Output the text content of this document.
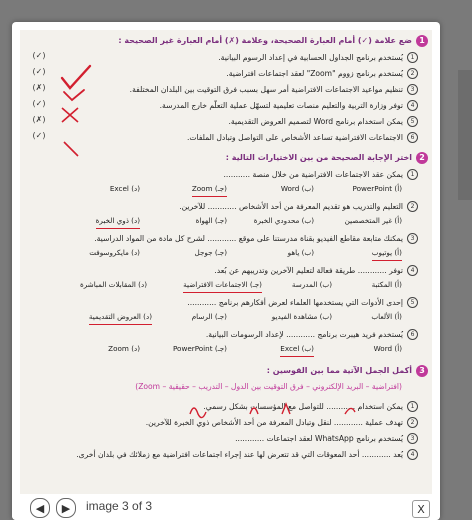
1
ضع علامة (✓) أمام العبارة الصحيحة، وعلامة (✗) أمام العبارة غير الصحيحة :
1
يُستخدم برنامج الجداول الحسابية في إعداد الرسوم البيانية.
(✓)
2
يُستخدم برنامج زووم "Zoom" لعقد اجتماعات افتراضية.
(✓)
3
تنظيم مواعيد الاجتماعات الافتراضية أمر سهل بسبب فرق التوقيت بين البلدان المختلفة.
(✗)
4
توفر وزارة التربية والتعليم منصات تعليمية لتسهّل عملية التعلّم خارج المدرسة.
(✓)
5
يمكن استخدام برنامج Word لتصميم العروض التقديمية.
(✗)
6
الاجتماعات الافتراضية تساعد الأشخاص على التواصل وتبادل الملفات.
(✓)
2
اختر الإجابة الصحيحة من بين الاختيارات التالية :
1
يمكن عقد الاجتماعات الافتراضية من خلال منصة ...........
(أ) PowerPoint
(ب) Word
(جـ) Zoom
(د) Excel
2
التعليم والتدريب هو تقديم المعرفة من أحد الأشخاص ............ للآخرين.
(أ) غير المتخصصين
(ب) محدودي الخبرة
(جـ) الهواة
(د) ذوي الخبرة
3
يمكنك متابعة مقاطع الفيديو بقناة مدرستنا على موقع ............ لشرح كل مادة من المواد الدراسية.
(أ) يوتيوب
(ب) ياهو
(جـ) جوجل
(د) مايكروسوفت
4
توفر ............ طريقة فعالة لتعليم الآخرين وتدريبهم عن بُعد.
(أ) المكتبة
(ب) المدرسة
(جـ) الاجتماعات الافتراضية
(د) المقابلات المباشرة
5
إحدى الأدوات التي يستخدمها العلماء لعرض أفكارهم برنامج ............
(أ) الألعاب
(ب) مشاهدة الفيديو
(جـ) الرسام
(د) العروض التقديمية
6
يُستخدم فريد هيبرت برنامج ............ لإعداد الرسومات البيانية.
(أ) Word
(ب) Excel
(جـ) PowerPoint
(د) Zoom
3
أكمل الجمل الآتية مما بين القوسين :
(افتراضية – البريد الإلكتروني – فرق التوقيت بين الدول – التدريب – حقيقية – Zoom)
1
يمكن استخدام ............ للتواصل مع المؤسسات بشكل رسمي.
2
تهدف عملية ............ لنقل وتبادل المعرفة من أحد الأشخاص ذوي الخبرة للآخرين.
3
يُستخدم برنامج WhatsApp لعقد اجتماعات ............
4
يُعد ............ أحد المعوقات التي قد تتعرض لها عند إجراء اجتماعات افتراضية مع زملائك في بلدان أخرى.
◀ ▶ image 3 of 3	X
